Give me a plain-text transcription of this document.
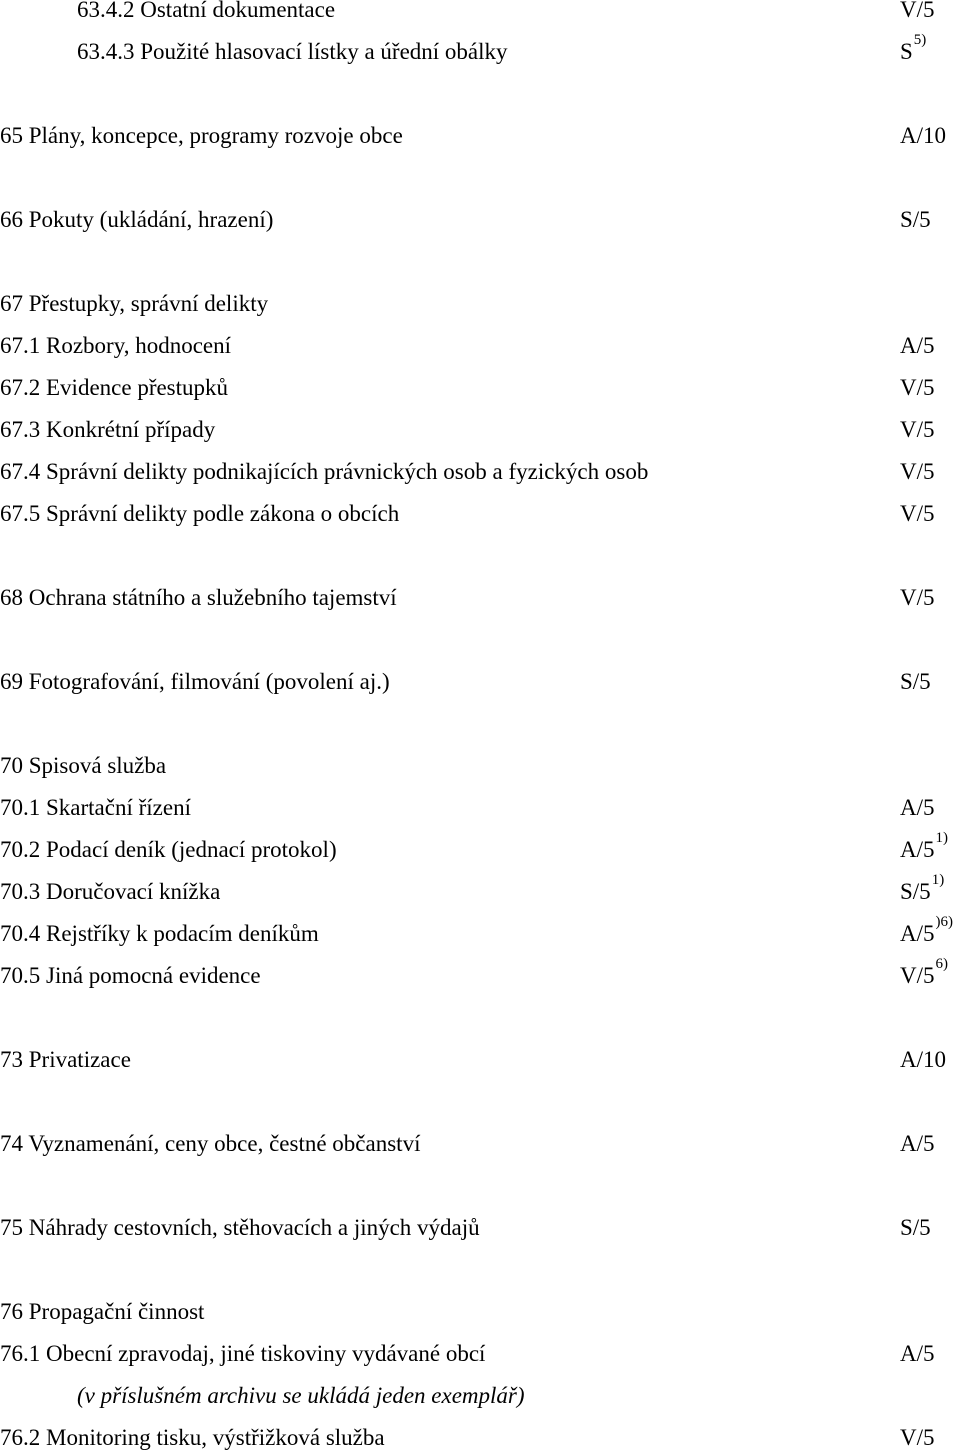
63.4.2 Ostatní dokumentace	V/5
63.4.3 Použité hlasovací lístky a úřední obálky	S$^{5)}$
65 Plány, koncepce, programy rozvoje obce	A/10
66 Pokuty (ukládání, hrazení)	S/5
67 Přestupky, správní delikty
67.1 Rozbory, hodnocení	A/5
67.2 Evidence přestupků	V/5
67.3 Konkrétní případy	V/5
67.4 Správní delikty podnikajících právnických osob a fyzických osob	V/5
67.5 Správní delikty podle zákona o obcích	V/5
68 Ochrana státního a služebního tajemství	V/5
69 Fotografování, filmování (povolení aj.)	S/5
70 Spisová služba
70.1 Skartační řízení	A/5
70.2 Podací deník (jednací protokol)	A/5$^{1)}$
70.3 Doručovací knížka	S/5$^{1)}$
70.4 Rejstříky k podacím deníkům	A/5$^{)6)}$
70.5 Jiná pomocná evidence	V/5$^{6)}$
73 Privatizace	A/10
74 Vyznamenání, ceny obce, čestné občanství	A/5
75 Náhrady cestovních, stěhovacích a jiných výdajů	S/5
76 Propagační činnost
76.1 Obecní zpravodaj, jiné tiskoviny vydávané obcí	A/5
(v příslušném archivu se ukládá jeden exemplář)
76.2 Monitoring tisku, výstřižková služba	V/5
